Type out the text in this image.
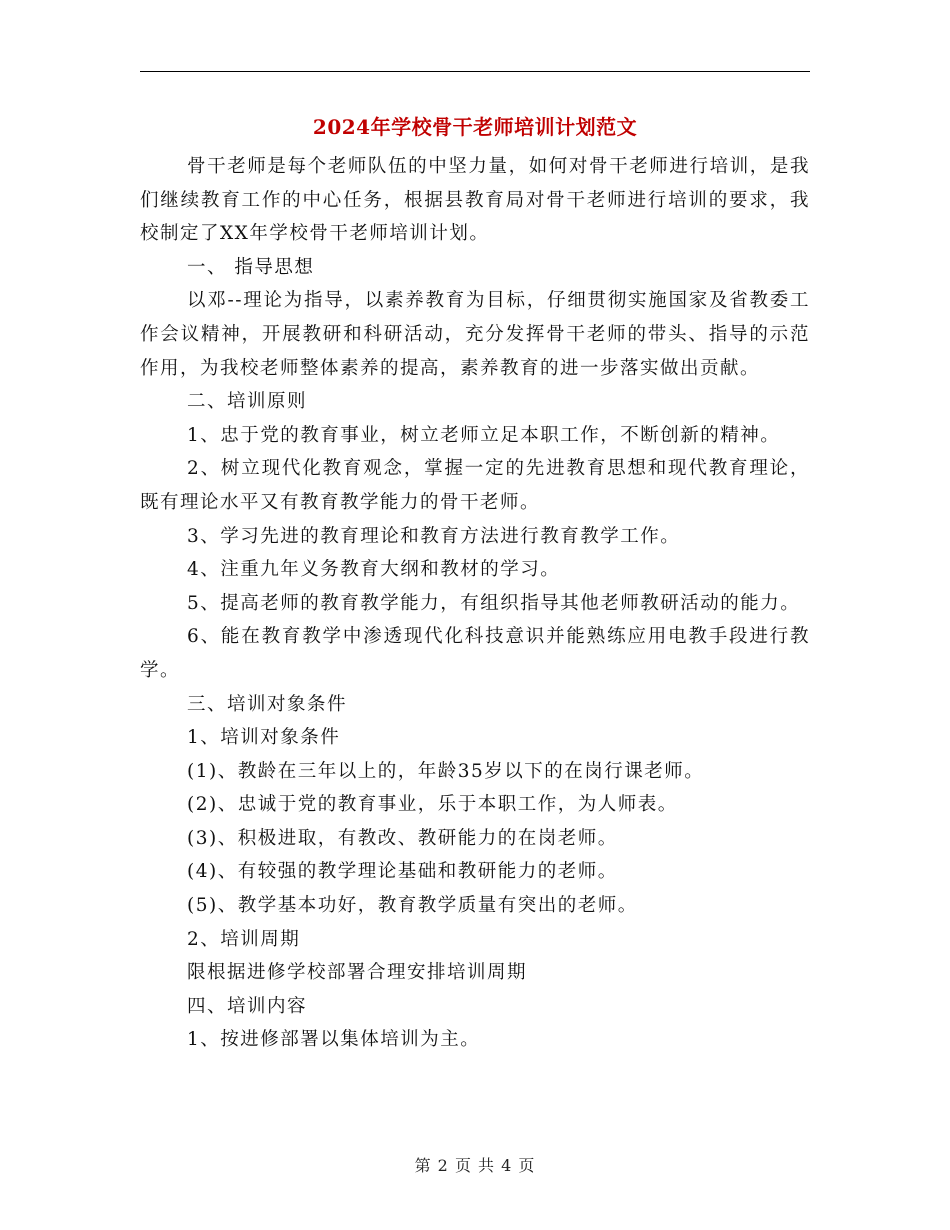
2024年学校骨干老师培训计划范文

骨干老师是每个老师队伍的中坚力量，如何对骨干老师进行培训，是我们继续教育工作的中心任务，根据县教育局对骨干老师进行培训的要求，我校制定了XX年学校骨干老师培训计划。

一、 指导思想

以邓--理论为指导，以素养教育为目标，仔细贯彻实施国家及省教委工作会议精神，开展教研和科研活动，充分发挥骨干老师的带头、指导的示范作用，为我校老师整体素养的提高，素养教育的进一步落实做出贡献。

二、培训原则

1、忠于党的教育事业，树立老师立足本职工作，不断创新的精神。

2、树立现代化教育观念，掌握一定的先进教育思想和现代教育理论，既有理论水平又有教育教学能力的骨干老师。

3、学习先进的教育理论和教育方法进行教育教学工作。

4、注重九年义务教育大纲和教材的学习。

5、提高老师的教育教学能力，有组织指导其他老师教研活动的能力。

6、能在教育教学中渗透现代化科技意识并能熟练应用电教手段进行教学。

三、培训对象条件

1、培训对象条件

(1)、教龄在三年以上的，年龄35岁以下的在岗行课老师。

(2)、忠诚于党的教育事业，乐于本职工作，为人师表。

(3)、积极进取，有教改、教研能力的在岗老师。

(4)、有较强的教学理论基础和教研能力的老师。

(5)、教学基本功好，教育教学质量有突出的老师。

2、培训周期

限根据进修学校部署合理安排培训周期

四、培训内容

1、按进修部署以集体培训为主。

第 2 页 共 4 页
